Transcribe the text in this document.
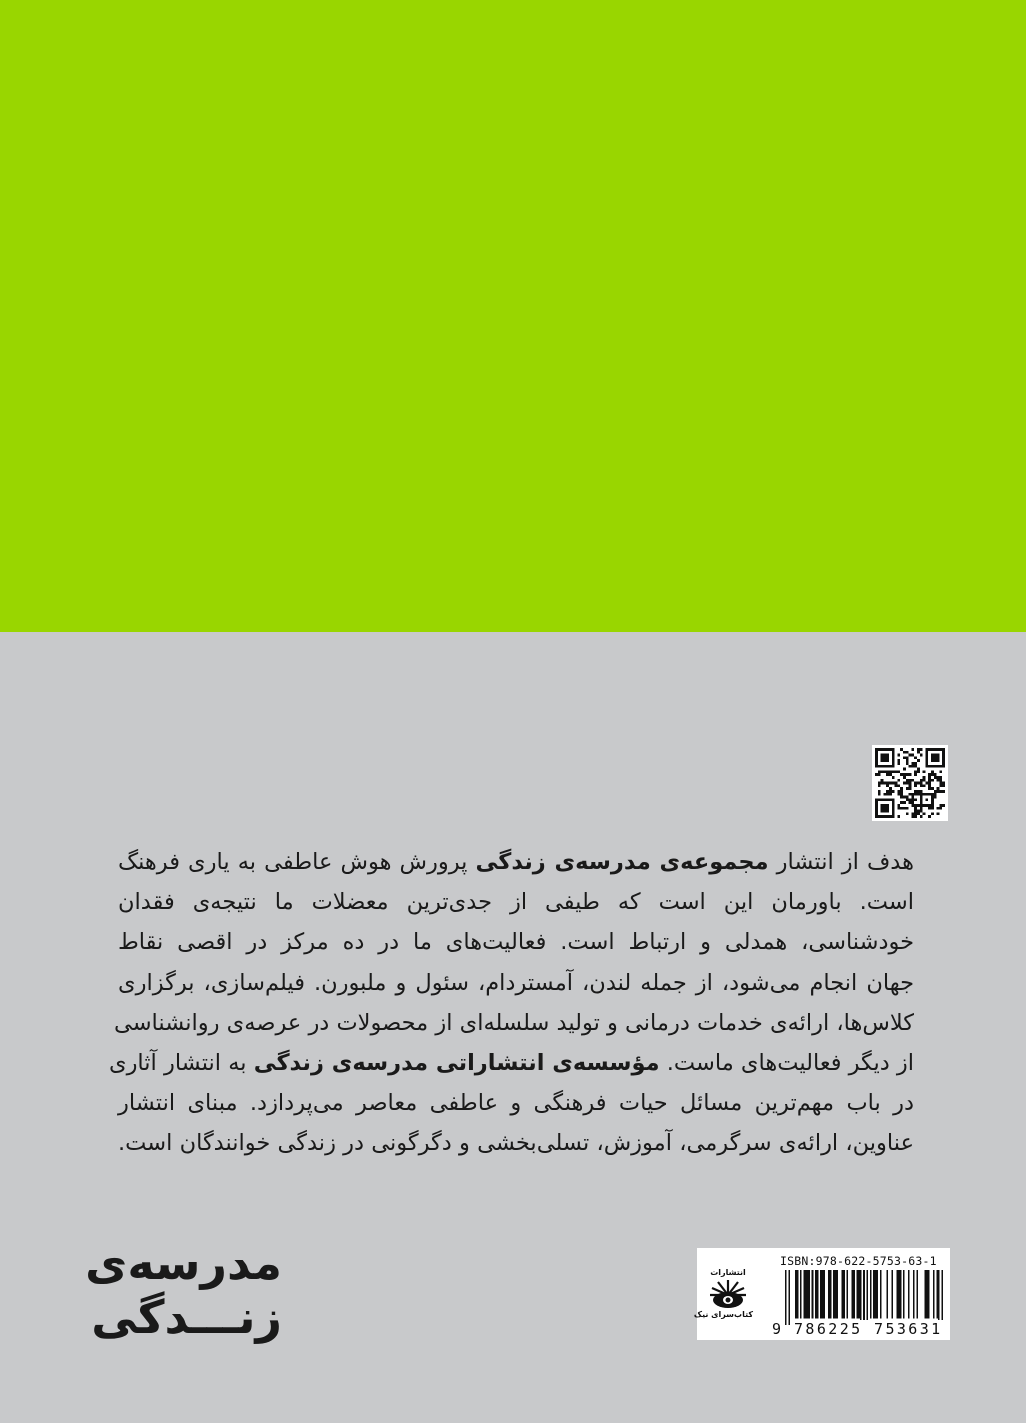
هدف از انتشار مجموعه‌ی مدرسه‌ی زندگی پرورش هوش عاطفی به یاری فرهنگ
است. باورمان این است که طیفی از جدی‌ترین معضلات ما نتیجه‌ی فقدان
خودشناسی، همدلی و ارتباط است. فعالیت‌های ما در ده مرکز در اقصی نقاط
جهان انجام می‌شود، از جمله لندن، آمستردام، سئول و ملبورن. فیلم‌سازی، برگزاری
کلاس‌ها، ارائه‌ی خدمات درمانی و تولید سلسله‌ای از محصولات در عرصه‌ی روانشناسی
از دیگر فعالیت‌های ماست. مؤسسه‌ی انتشاراتی مدرسه‌ی زندگی به انتشار آثاری
در باب مهم‌ترین مسائل حیات فرهنگی و عاطفی معاصر می‌پردازد. مبنای انتشار
عناوین، ارائه‌ی سرگرمی، آموزش، تسلی‌بخشی و دگرگونی در زندگی خوانندگان است.
مدرسه‌ی
زنـــدگی
انتشارات
کتاب‌سرای نیک
ISBN:978-622-5753-63-1
9 786225 753631
